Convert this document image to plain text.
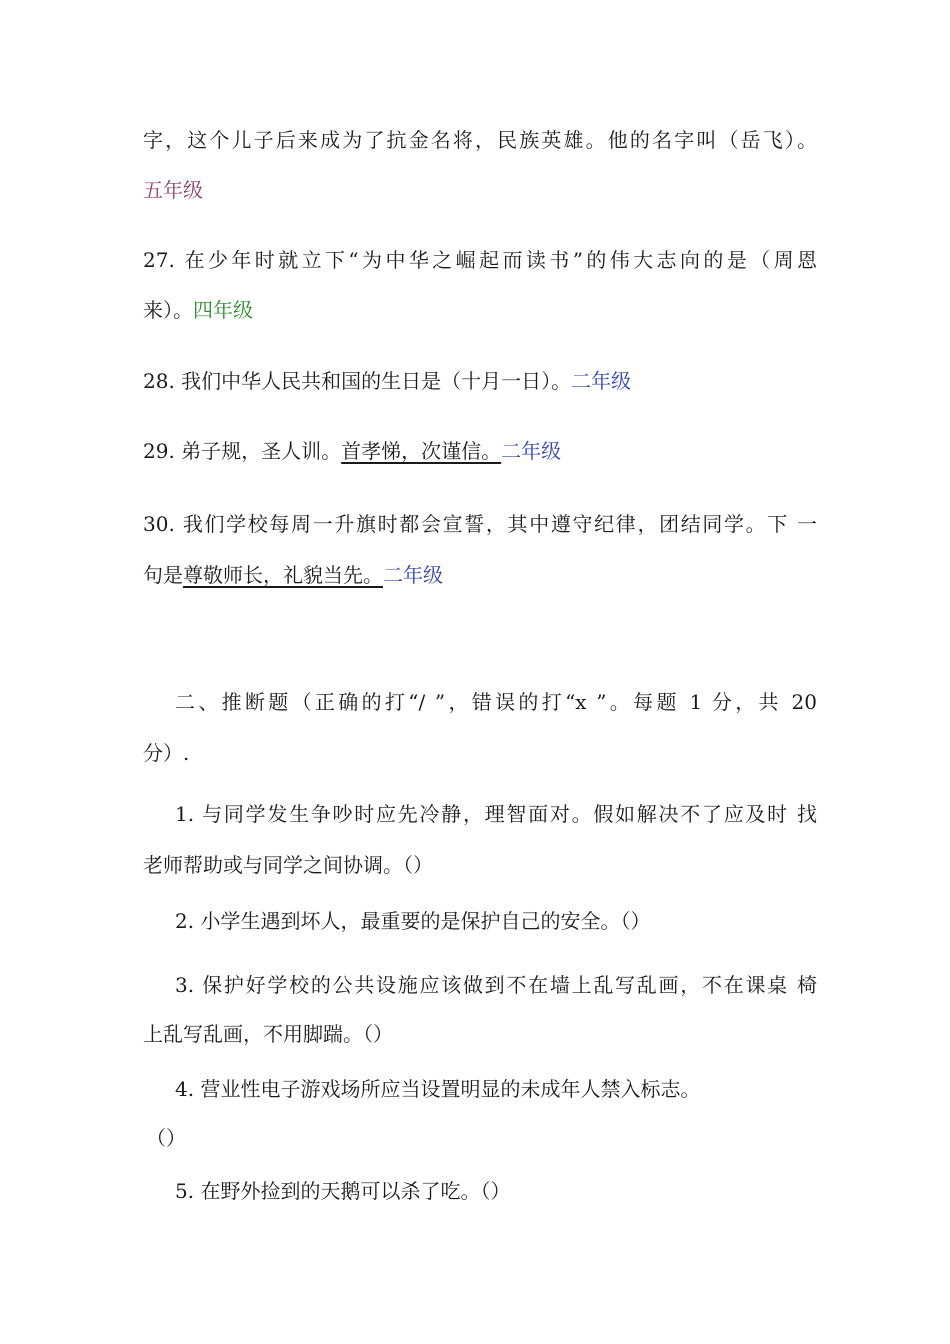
字，这个儿子后来成为了抗金名将，民族英雄。他的名字叫（岳飞）。

五年级

27. 在少年时就立下“为中华之崛起而读书”的伟大志向的是（周恩

来）。四年级

28. 我们中华人民共和国的生日是（十月一日）。二年级

29. 弟子规，圣人训。首孝悌，次谨信。二年级

30. 我们学校每周一升旗时都会宣誓，其中遵守纪律，团结同学。下 一

句是尊敬师长，礼貌当先。二年级

二、推断题（正确的打“/ ”，错误的打“x ”。每题 1 分，共 20

分）.

1. 与同学发生争吵时应先冷静，理智面对。假如解决不了应及时 找

老师帮助或与同学之间协调。（）

2. 小学生遇到坏人，最重要的是保护自己的安全。（）

3. 保护好学校的公共设施应该做到不在墙上乱写乱画，不在课桌 椅

上乱写乱画，不用脚踹。（）

4. 营业性电子游戏场所应当设置明显的未成年人禁入标志。

（）

5. 在野外捡到的天鹅可以杀了吃。（）
